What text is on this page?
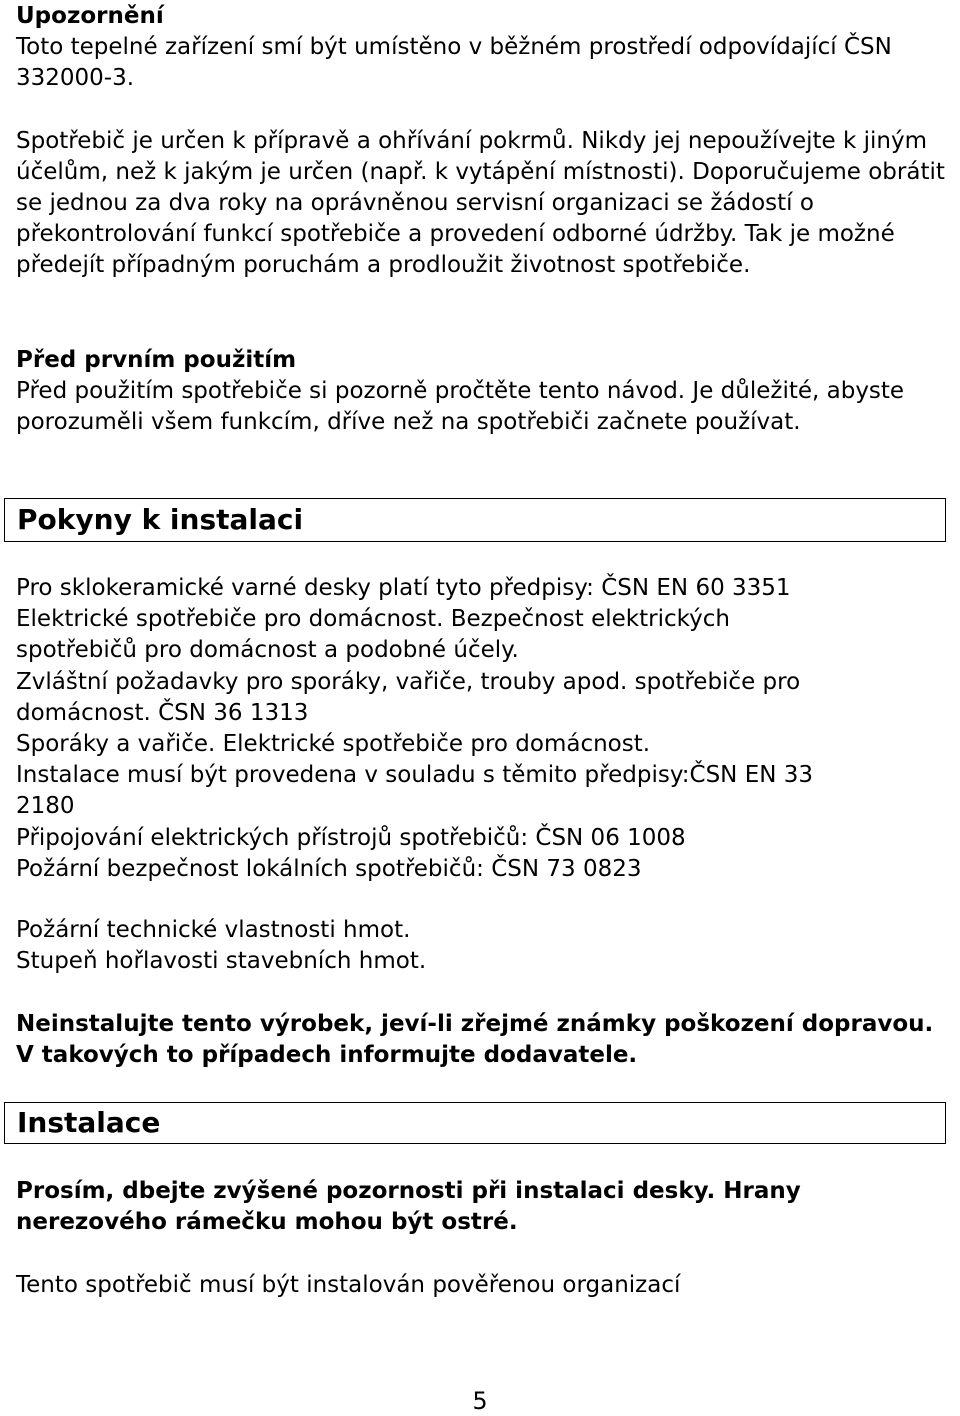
Upozornění

Toto tepelné zařízení smí být umístěno v běžném prostředí odpovídající ČSN 332000-3.

Spotřebič je určen k přípravě a ohřívání pokrmů. Nikdy jej nepoužívejte k jiným účelům, než k jakým je určen (např. k vytápění místnosti). Doporučujeme obrátit se jednou za dva roky na oprávněnou servisní organizaci se žádostí o překontrolování funkcí spotřebiče a provedení odborné údržby. Tak je možné předejít případným poruchám a prodloužit životnost spotřebiče.

Před prvním použitím

Před použitím spotřebiče si pozorně pročtěte tento návod. Je důležité, abyste porozuměli všem funkcím, dříve než na spotřebiči začnete používat.

Pokyny k instalaci

Pro sklokeramické varné desky platí tyto předpisy: ČSN EN 60 3351

Elektrické spotřebiče pro domácnost. Bezpečnost elektrických

spotřebičů pro domácnost a podobné účely.

Zvláštní požadavky pro sporáky, vařiče, trouby apod. spotřebiče pro

domácnost. ČSN 36 1313

Sporáky a vařiče. Elektrické spotřebiče pro domácnost.

Instalace musí být provedena v souladu s těmito předpisy:ČSN EN 33

2180

Připojování elektrických přístrojů spotřebičů: ČSN 06 1008

Požární bezpečnost lokálních spotřebičů: ČSN 73 0823

Požární technické vlastnosti hmot.

Stupeň hořlavosti stavebních hmot.

Neinstalujte tento výrobek, jeví-li zřejmé známky poškození dopravou. V takových to případech informujte dodavatele.

Instalace

Prosím, dbejte zvýšené pozornosti při instalaci desky. Hrany nerezového rámečku mohou být ostré.

Tento spotřebič musí být instalován pověřenou organizací

5
